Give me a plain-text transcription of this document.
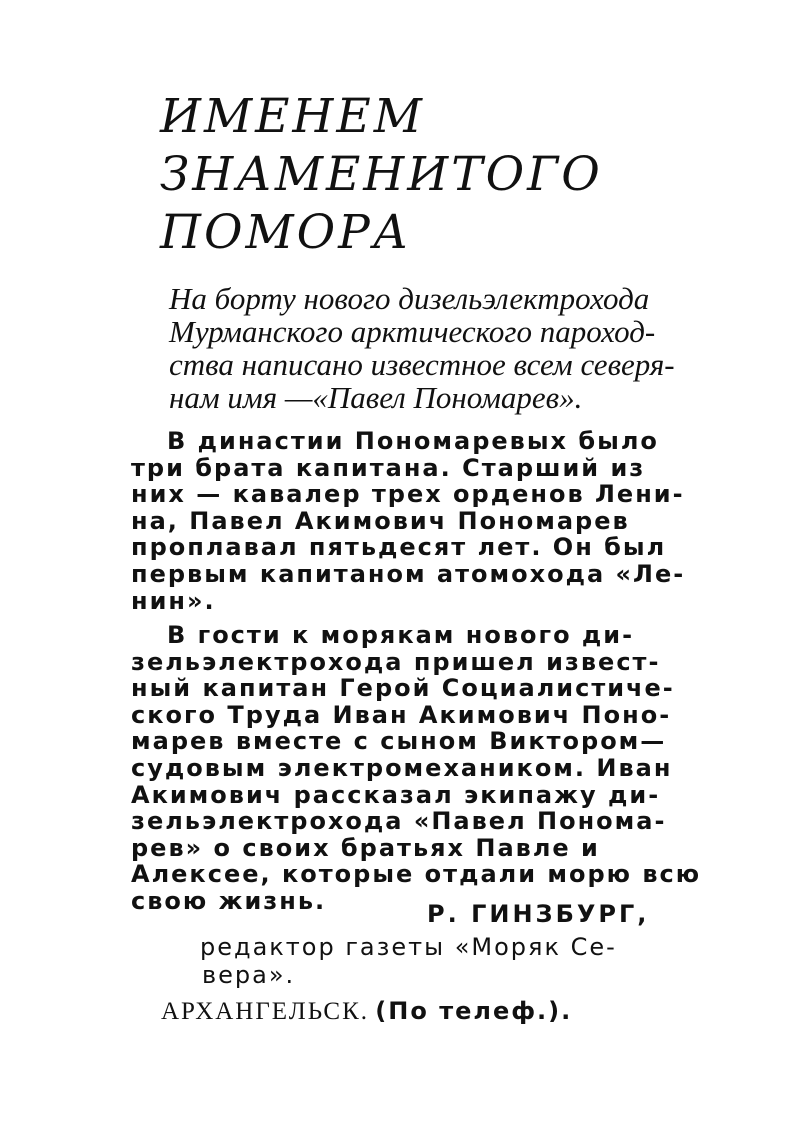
ИМЕНЕМ
ЗНАМЕНИТОГО
ПОМОРА

На борту нового дизельэлектрохода
Мурманского арктического пароход-
ства написано известное всем северя-
нам имя —«Павел Пономарев».

В династии Пономаревых было
три брата капитана. Старший из
них — кавалер трех орденов Лени-
на, Павел Акимович Пономарев
проплавал пятьдесят лет. Он был
первым капитаном атомохода «Ле-
нин».

В гости к морякам нового ди-
зельэлектрохода пришел извест-
ный капитан Герой Социалистиче-
ского Труда Иван Акимович Поно-
марев вместе с сыном Виктором—
судовым электромехаником. Иван
Акимович рассказал экипажу ди-
зельэлектрохода «Павел Понома-
рев» о своих братьях Павле и
Алексее, которые отдали морю всю
свою жизнь.	Р. ГИНЗБУРГ,

редактор газеты «Моряк Се-
вера».

АРХАНГЕЛЬСК. (По телеф.).
